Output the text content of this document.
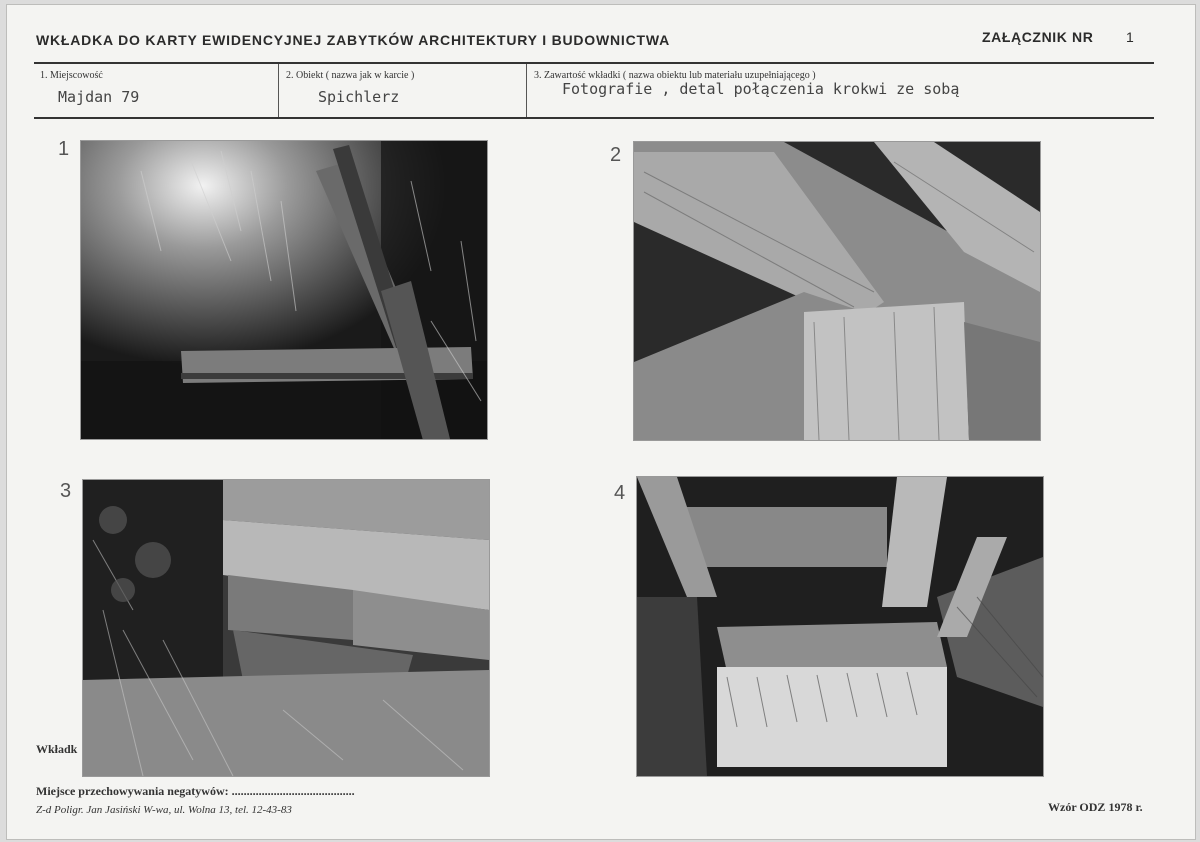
WKŁADKA DO KARTY EWIDENCYJNEJ ZABYTKÓW ARCHITEKTURY I BUDOWNICTWA	ZAŁĄCZNIK NR 1
1. Miejscowość
Majdan 79
2. Obiekt ( nazwa jak w karcie )
Spichlerz
3. Zawartość wkładki ( nazwa obiektu lub materiału uzupełniającego )
Fotografie , detal połączenia krokwi ze sobą
1	2
3	4
Wkładk
Miejsce przechowywania negatywów: .........................................
Z-d Poligr. Jan Jasiński W-wa, ul. Wolna 13, tel. 12-43-83	Wzór ODZ 1978 r.
